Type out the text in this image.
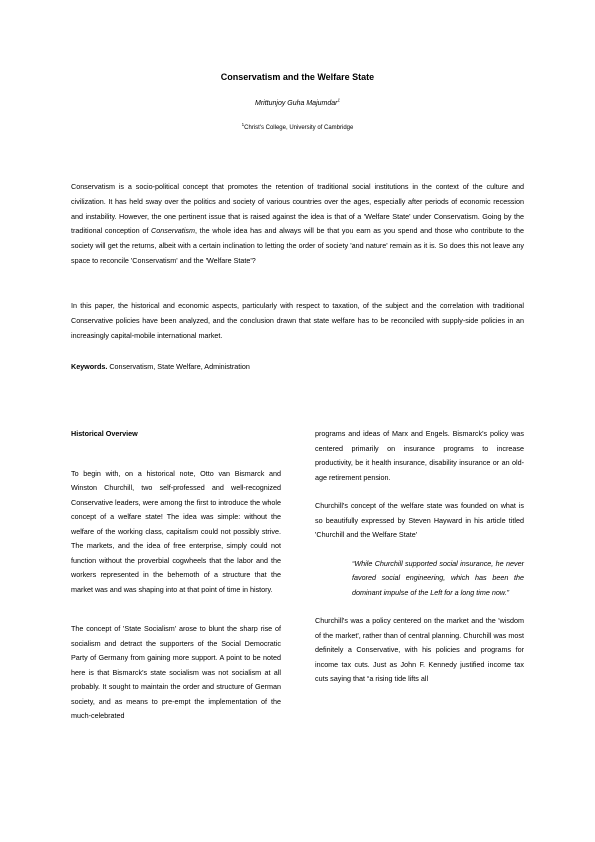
Conservatism and the Welfare State
Mrittunjoy Guha Majumdar$^1$
$^1$Christ's College, University of Cambridge
Conservatism is a socio-political concept that promotes the retention of traditional social institutions in the context of the culture and civilization. It has held sway over the politics and society of various countries over the ages, especially after periods of economic recession and instability. However, the one pertinent issue that is raised against the idea is that of a 'Welfare State' under Conservatism. Going by the traditional conception of Conservatism, the whole idea has and always will be that you earn as you spend and those who contribute to the society will get the returns, albeit with a certain inclination to letting the order of society 'and nature' remain as it is. So does this not leave any space to reconcile 'Conservatism' and the 'Welfare State'?
In this paper, the historical and economic aspects, particularly with respect to taxation, of the subject and the correlation with traditional Conservative policies have been analyzed, and the conclusion drawn that state welfare has to be reconciled with supply-side policies in an increasingly capital-mobile international market.
Keywords. Conservatism, State Welfare, Administration

Historical Overview

To begin with, on a historical note, Otto van Bismarck and Winston Churchill, two self-professed and well-recognized Conservative leaders, were among the first to introduce the whole concept of a welfare state! The idea was simple: without the welfare of the working class, capitalism could not possibly strive. The markets, and the idea of free enterprise, simply could not function without the proverbial cogwheels that the labor and the workers represented in the behemoth of a structure that the market was and was shaping into at that point of time in history.

The concept of 'State Socialism' arose to blunt the sharp rise of socialism and detract the supporters of the Social Democratic Party of Germany from gaining more support. A point to be noted here is that Bismarck's state socialism was not socialism at all probably. It sought to maintain the order and structure of German society, and as means to pre-empt the implementation of the much-celebrated

programs and ideas of Marx and Engels. Bismarck's policy was centered primarily on insurance programs to increase productivity, be it health insurance, disability insurance or an old-age retirement pension.

Churchill's concept of the welfare state was founded on what is so beautifully expressed by Steven Hayward in his article titled 'Churchill and the Welfare State'

“While Churchill supported social insurance, he never favored social engineering, which has been the dominant impulse of the Left for a long time now.”

Churchill's was a policy centered on the market and the 'wisdom of the market', rather than of central planning. Churchill was most definitely a Conservative, with his policies and programs for income tax cuts. Just as John F. Kennedy justified income tax cuts saying that “a rising tide lifts all
